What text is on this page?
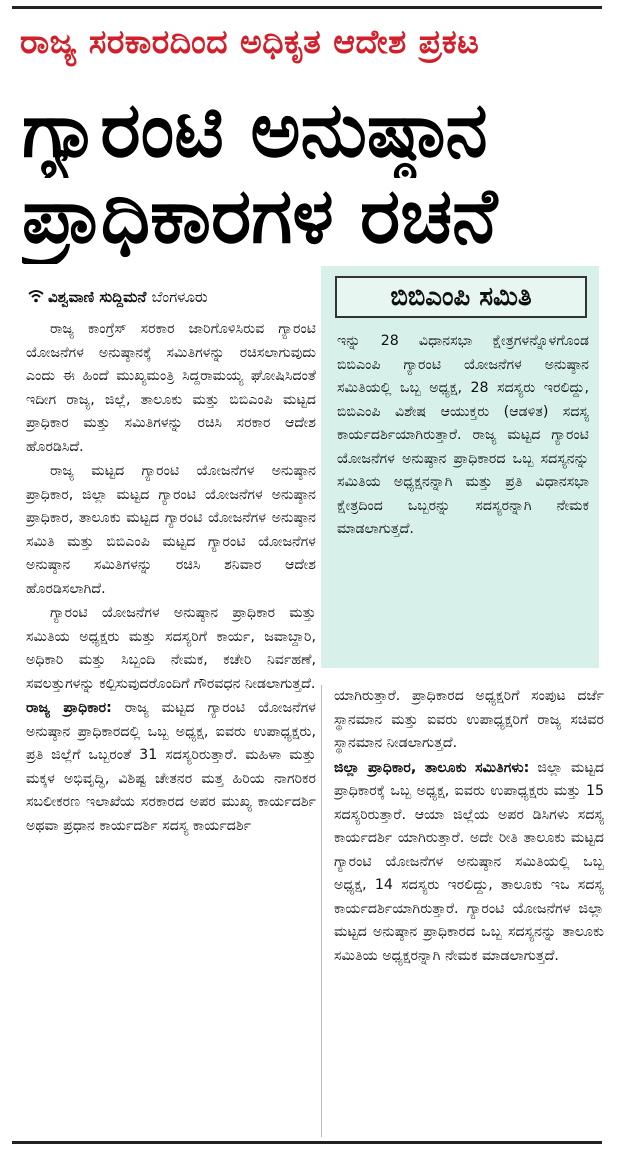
ರಾಜ್ಯ ಸರಕಾರದಿಂದ ಅಧಿಕೃತ ಆದೇಶ ಪ್ರಕಟ
ಗ್ಯಾರಂಟಿ ಅನುಷ್ಠಾನ
ಪ್ರಾಧಿಕಾರಗಳ ರಚನೆ
ವಿಶ್ವವಾಣಿ ಸುದ್ದಿಮನೆ ಬೆಂಗಳೂರು

ರಾಜ್ಯ ಕಾಂಗ್ರೆಸ್ ಸರಕಾರ ಜಾರಿಗೊಳಿಸಿರುವ ಗ್ಯಾರಂಟಿ ಯೋಜನೆಗಳ ಅನುಷ್ಠಾನಕ್ಕೆ ಸಮಿತಿಗಳನ್ನು ರಚಿಸಲಾಗುವುದು ಎಂದು ಈ ಹಿಂದೆ ಮುಖ್ಯಮಂತ್ರಿ ಸಿದ್ದರಾಮಯ್ಯ ಘೋಷಿಸಿದಂತೆ ಇದೀಗ ರಾಜ್ಯ, ಜಿಲ್ಲೆ, ತಾಲೂಕು ಮತ್ತು ಬಿಬಿಎಂಪಿ ಮಟ್ಟದ ಪ್ರಾಧಿಕಾರ ಮತ್ತು ಸಮಿತಿಗಳನ್ನು ರಚಿಸಿ ಸರಕಾರ ಆದೇಶ ಹೊರಡಿಸಿದೆ.

ರಾಜ್ಯ ಮಟ್ಟದ ಗ್ಯಾರಂಟಿ ಯೋಜನೆಗಳ ಅನುಷ್ಠಾನ ಪ್ರಾಧಿಕಾರ, ಜಿಲ್ಲಾ ಮಟ್ಟದ ಗ್ಯಾರಂಟಿ ಯೋಜನೆಗಳ ಅನುಷ್ಠಾನ ಪ್ರಾಧಿಕಾರ, ತಾಲೂಕು ಮಟ್ಟದ ಗ್ಯಾರಂಟಿ ಯೋಜನೆಗಳ ಅನುಷ್ಠಾನ ಸಮಿತಿ ಮತ್ತು ಬಿಬಿಎಂಪಿ ಮಟ್ಟದ ಗ್ಯಾರಂಟಿ ಯೋಜನೆಗಳ ಅನುಷ್ಠಾನ ಸಮಿತಿಗಳನ್ನು ರಚಿಸಿ ಶನಿವಾರ ಆದೇಶ ಹೊರಡಿಸಲಾಗಿದೆ.

ಗ್ಯಾರಂಟಿ ಯೋಜನೆಗಳ ಅನುಷ್ಠಾನ ಪ್ರಾಧಿಕಾರ ಮತ್ತು ಸಮಿತಿಯ ಅಧ್ಯಕ್ಷರು ಮತ್ತು ಸದಸ್ಯರಿಗೆ ಕಾರ್ಯ, ಜವಾಬ್ದಾರಿ, ಅಧಿಕಾರಿ ಮತ್ತು ಸಿಬ್ಬಂದಿ ನೇಮಕ, ಕಚೇರಿ ನಿರ್ವಹಣೆ, ಸವಲತ್ತುಗಳನ್ನು ಕಲ್ಪಿಸುವುದರೊಂದಿಗೆ ಗೌರವಧನ ನೀಡಲಾಗುತ್ತದೆ.

ರಾಜ್ಯ ಪ್ರಾಧಿಕಾರ: ರಾಜ್ಯ ಮಟ್ಟದ ಗ್ಯಾರಂಟಿ ಯೋಜನೆಗಳ ಅನುಷ್ಠಾನ ಪ್ರಾಧಿಕಾರದಲ್ಲಿ ಒಬ್ಬ ಅಧ್ಯಕ್ಷ, ಐವರು ಉಪಾಧ್ಯಕ್ಷರು, ಪ್ರತಿ ಜಿಲ್ಲೆಗೆ ಒಬ್ಬರಂತೆ 31 ಸದಸ್ಯರಿರುತ್ತಾರೆ. ಮಹಿಳಾ ಮತ್ತು ಮಕ್ಕಳ ಅಭಿವೃದ್ಧಿ, ವಿಶಿಷ್ಟ ಚೇತನರ ಮತ್ತ ಹಿರಿಯ ನಾಗರಿಕರ ಸಬಲೀಕರಣ ಇಲಾಖೆಯ ಸರಕಾರದ ಅಪರ ಮುಖ್ಯ ಕಾರ್ಯದರ್ಶಿ ಅಥವಾ ಪ್ರಧಾನ ಕಾರ್ಯದರ್ಶಿ ಸದಸ್ಯ ಕಾರ್ಯದರ್ಶಿ

ಬಿಬಿಎಂಪಿ ಸಮಿತಿ

ಇನ್ನು 28 ವಿಧಾನಸಭಾ ಕ್ಷೇತ್ರಗಳನ್ನೊಳಗೊಂಡ ಬಿಬಿಎಂಪಿ ಗ್ಯಾರಂಟಿ ಯೋಜನೆಗಳ ಅನುಷ್ಠಾನ ಸಮಿತಿಯಲ್ಲಿ ಒಬ್ಬ ಅಧ್ಯಕ್ಷ, 28 ಸದಸ್ಯರು ಇರಲಿದ್ದು, ಬಿಬಿಎಂಪಿ ವಿಶೇಷ ಆಯುಕ್ತರು (ಆಡಳಿತ) ಸದಸ್ಯ ಕಾರ್ಯದರ್ಶಿಯಾಗಿರುತ್ತಾರೆ. ರಾಜ್ಯ ಮಟ್ಟದ ಗ್ಯಾರಂಟಿ ಯೋಜನೆಗಳ ಅನುಷ್ಠಾನ ಪ್ರಾಧಿಕಾರದ ಒಬ್ಬ ಸದಸ್ಯನನ್ನು ಸಮಿತಿಯ ಅಧ್ಯಕ್ಷನನ್ನಾಗಿ ಮತ್ತು ಪ್ರತಿ ವಿಧಾನಸಭಾ ಕ್ಷೇತ್ರದಿಂದ ಒಬ್ಬರನ್ನು ಸದಸ್ಯರನ್ನಾಗಿ ನೇಮಕ ಮಾಡಲಾಗುತ್ತದೆ.

ಯಾಗಿರುತ್ತಾರೆ. ಪ್ರಾಧಿಕಾರದ ಅಧ್ಯಕ್ಷರಿಗೆ ಸಂಪುಟ ದರ್ಜೆ ಸ್ಥಾನಮಾನ ಮತ್ತು ಐವರು ಉಪಾಧ್ಯಕ್ಷರಿಗೆ ರಾಜ್ಯ ಸಚಿವರ ಸ್ಥಾನಮಾನ ನೀಡಲಾಗುತ್ತದೆ.

ಜಿಲ್ಲಾ ಪ್ರಾಧಿಕಾರ, ತಾಲೂಕು ಸಮಿತಿಗಳು: ಜಿಲ್ಲಾ ಮಟ್ಟದ ಪ್ರಾಧಿಕಾರಕ್ಕೆ ಒಬ್ಬ ಅಧ್ಯಕ್ಷ, ಐವರು ಉಪಾಧ್ಯಕ್ಷರು ಮತ್ತು 15 ಸದಸ್ಯರಿರುತ್ತಾರೆ. ಆಯಾ ಜಿಲ್ಲೆಯ ಅಪರ ಡಿಸಿಗಳು ಸದಸ್ಯ ಕಾರ್ಯದರ್ಶಿ ಯಾಗಿರುತ್ತಾರೆ. ಅದೇ ರೀತಿ ತಾಲೂಕು ಮಟ್ಟದ ಗ್ಯಾರಂಟಿ ಯೋಜನೆಗಳ ಅನುಷ್ಠಾನ ಸಮಿತಿಯಲ್ಲಿ ಒಬ್ಬ ಅಧ್ಯಕ್ಷ, 14 ಸದಸ್ಯರು ಇರಲಿದ್ದು, ತಾಲೂಕು ಇಒ ಸದಸ್ಯ ಕಾರ್ಯದರ್ಶಿಯಾಗಿರುತ್ತಾರೆ. ಗ್ಯಾರಂಟಿ ಯೋಜನೆಗಳ ಜಿಲ್ಲಾ ಮಟ್ಟದ ಅನುಷ್ಠಾನ ಪ್ರಾಧಿಕಾರದ ಒಬ್ಬ ಸದಸ್ಯನನ್ನು ತಾಲೂಕು ಸಮಿತಿಯ ಅಧ್ಯಕ್ಷರನ್ನಾಗಿ ನೇಮಕ ಮಾಡಲಾಗುತ್ತದೆ.
